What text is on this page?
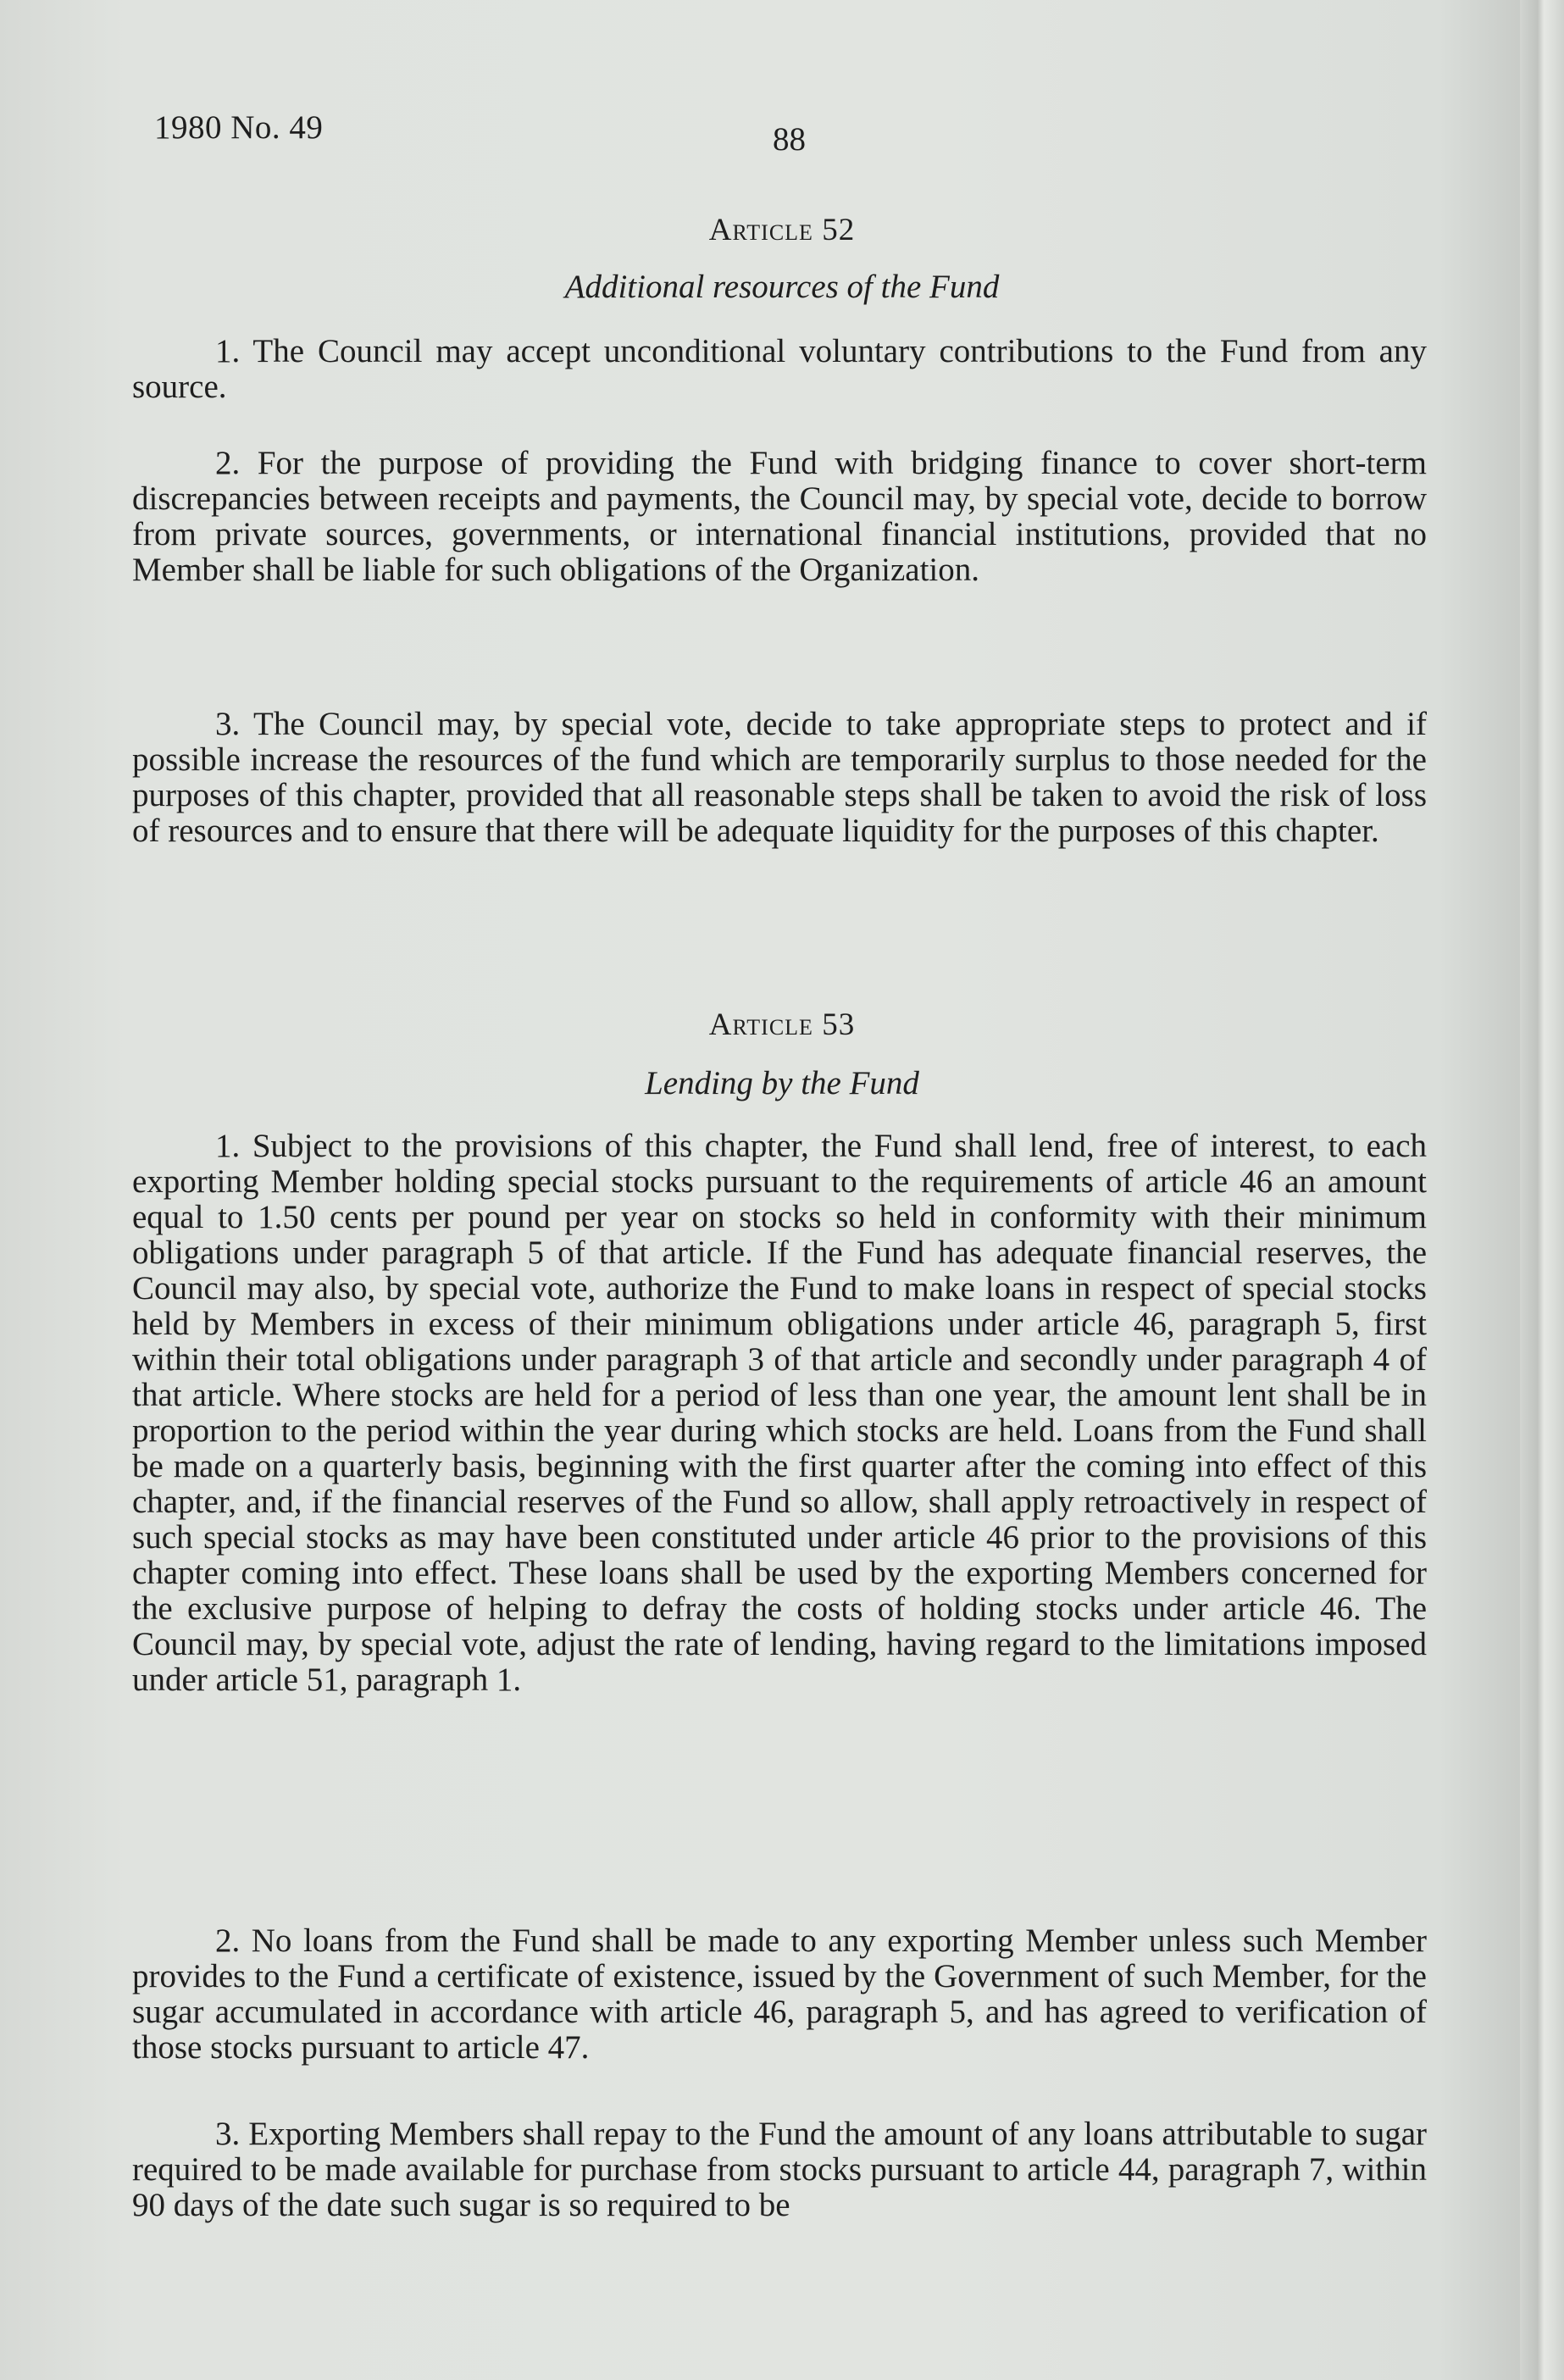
1980 No. 49	88
Article 52
Additional resources of the Fund

1. The Council may accept unconditional voluntary contributions to the Fund from any source.

2. For the purpose of providing the Fund with bridging finance to cover short-term discrepancies between receipts and payments, the Council may, by special vote, decide to borrow from private sources, governments, or international financial institutions, provided that no Member shall be liable for such obligations of the Organization.

3. The Council may, by special vote, decide to take appropriate steps to protect and if possible increase the resources of the fund which are temporarily surplus to those needed for the purposes of this chapter, provided that all reasonable steps shall be taken to avoid the risk of loss of resources and to ensure that there will be adequate liquidity for the purposes of this chapter.

Article 53
Lending by the Fund

1. Subject to the provisions of this chapter, the Fund shall lend, free of interest, to each exporting Member holding special stocks pursuant to the requirements of article 46 an amount equal to 1.50 cents per pound per year on stocks so held in conformity with their minimum obligations under paragraph 5 of that article. If the Fund has adequate financial reserves, the Council may also, by special vote, authorize the Fund to make loans in respect of special stocks held by Members in excess of their minimum obligations under article 46, paragraph 5, first within their total obligations under paragraph 3 of that article and secondly under paragraph 4 of that article. Where stocks are held for a period of less than one year, the amount lent shall be in proportion to the period within the year during which stocks are held. Loans from the Fund shall be made on a quarterly basis, beginning with the first quarter after the coming into effect of this chapter, and, if the financial reserves of the Fund so allow, shall apply retroactively in respect of such special stocks as may have been constituted under article 46 prior to the provisions of this chapter coming into effect. These loans shall be used by the exporting Members concerned for the exclusive purpose of helping to defray the costs of holding stocks under article 46. The Council may, by special vote, adjust the rate of lending, having regard to the limitations imposed under article 51, paragraph 1.

2. No loans from the Fund shall be made to any exporting Member unless such Member provides to the Fund a certificate of existence, issued by the Government of such Member, for the sugar accumulated in accordance with article 46, paragraph 5, and has agreed to verification of those stocks pursuant to article 47.

3. Exporting Members shall repay to the Fund the amount of any loans attributable to sugar required to be made available for purchase from stocks pursuant to article 44, paragraph 7, within 90 days of the date such sugar is so required to be
